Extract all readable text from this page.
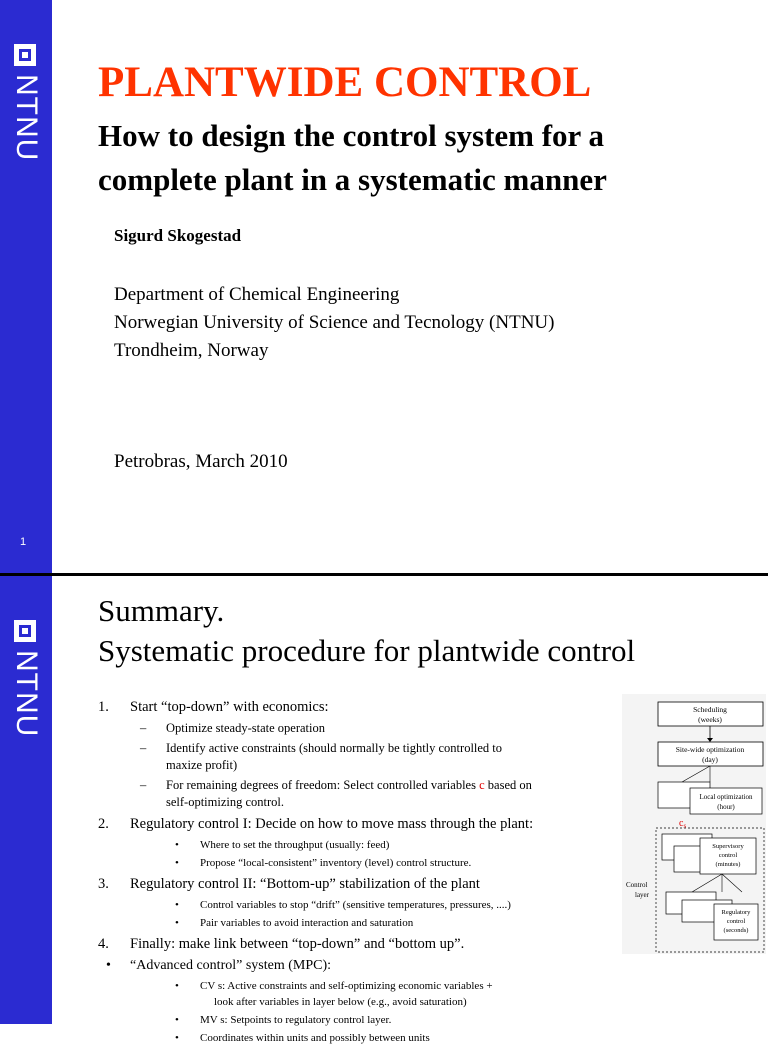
NTNU
1
PLANTWIDE CONTROL
How to design the control system for a
complete plant in a systematic manner
Sigurd Skogestad
Department of Chemical Engineering
Norwegian University of Science and Tecnology (NTNU)
Trondheim, Norway
Petrobras, March 2010
NTNU
Summary.
Systematic procedure for plantwide control
1. Start “top-down” with economics:
– Optimize steady-state operation
– Identify active constraints (should normally be tightly controlled to
maxize profit)
– For remaining degrees of freedom: Select controlled variables c based on
self-optimizing control.
2. Regulatory control I: Decide on how to move mass through the plant:
• Where to set the throughput (usually: feed)
• Propose “local-consistent” inventory (level) control structure.
3. Regulatory control II: “Bottom-up” stabilization of the plant
• Control variables to stop “drift” (sensitive temperatures, pressures, ....)
• Pair variables to avoid interaction and saturation
4. Finally: make link between “top-down” and “bottom up”.
• “Advanced control” system (MPC):
• CV s: Active constraints and self-optimizing economic variables +
look after variables in layer below (e.g., avoid saturation)
• MV s: Setpoints to regulatory control layer.
• Coordinates within units and possibly between units
Scheduling
(weeks)
Site-wide optimization
(day)
Local optimization
(hour)
$c_s$
Control
layer
Supervisory
control
(minutes)
Regulatory
control
(seconds)
